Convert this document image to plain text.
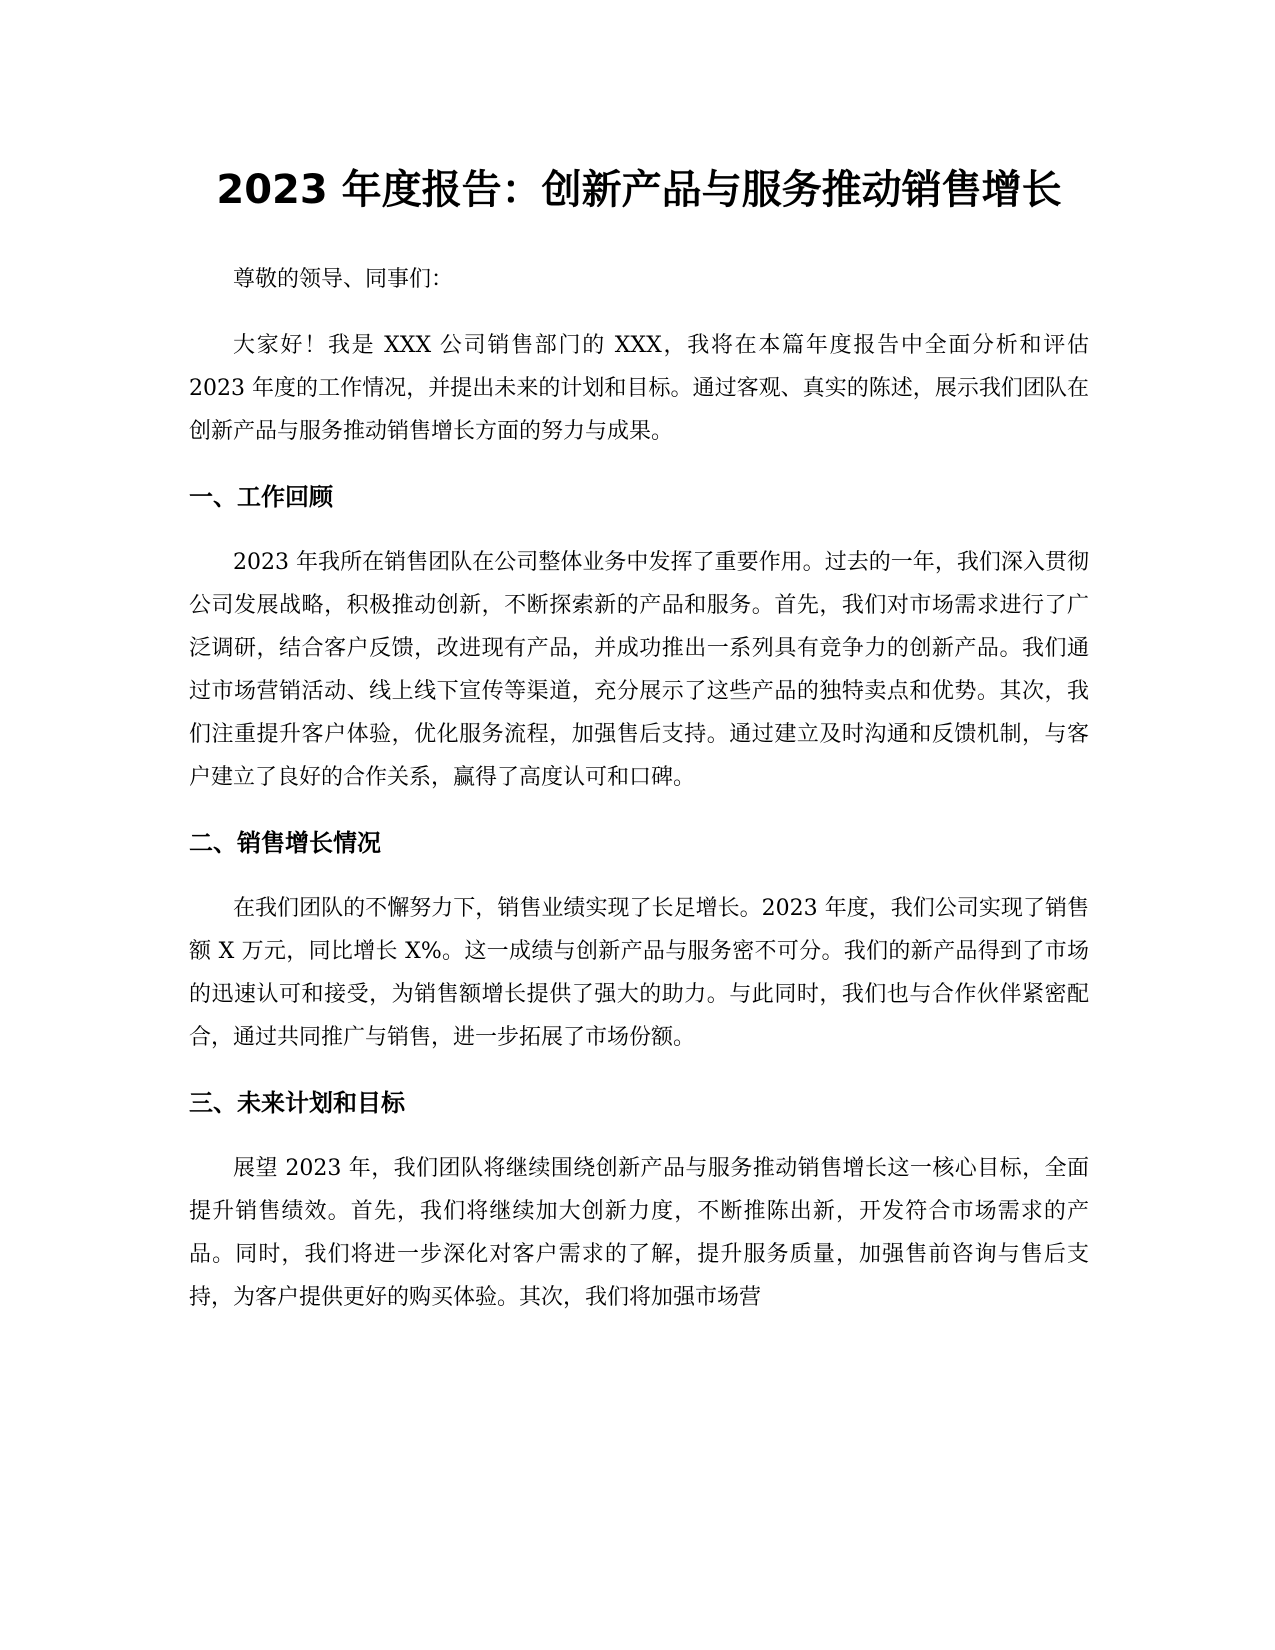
2023 年度报告：创新产品与服务推动销售增长

尊敬的领导、同事们：

大家好！我是 XXX 公司销售部门的 XXX，我将在本篇年度报告中全面分析和评估 2023 年度的工作情况，并提出未来的计划和目标。通过客观、真实的陈述，展示我们团队在创新产品与服务推动销售增长方面的努力与成果。

一、工作回顾

2023 年我所在销售团队在公司整体业务中发挥了重要作用。过去的一年，我们深入贯彻公司发展战略，积极推动创新，不断探索新的产品和服务。首先，我们对市场需求进行了广泛调研，结合客户反馈，改进现有产品，并成功推出一系列具有竞争力的创新产品。我们通过市场营销活动、线上线下宣传等渠道，充分展示了这些产品的独特卖点和优势。其次，我们注重提升客户体验，优化服务流程，加强售后支持。通过建立及时沟通和反馈机制，与客户建立了良好的合作关系，赢得了高度认可和口碑。

二、销售增长情况

在我们团队的不懈努力下，销售业绩实现了长足增长。2023 年度，我们公司实现了销售额 X 万元，同比增长 X%。这一成绩与创新产品与服务密不可分。我们的新产品得到了市场的迅速认可和接受，为销售额增长提供了强大的助力。与此同时，我们也与合作伙伴紧密配合，通过共同推广与销售，进一步拓展了市场份额。

三、未来计划和目标

展望 2023 年，我们团队将继续围绕创新产品与服务推动销售增长这一核心目标，全面提升销售绩效。首先，我们将继续加大创新力度，不断推陈出新，开发符合市场需求的产品。同时，我们将进一步深化对客户需求的了解，提升服务质量，加强售前咨询与售后支持，为客户提供更好的购买体验。其次，我们将加强市场营
